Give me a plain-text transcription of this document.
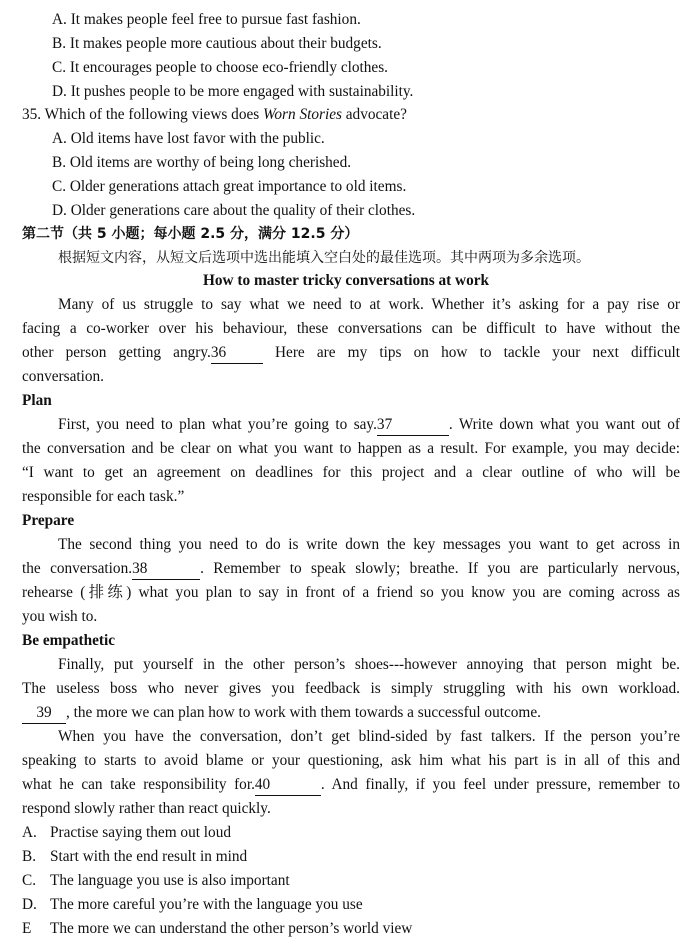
A. It makes people feel free to pursue fast fashion.
B. It makes people more cautious about their budgets.
C. It encourages people to choose eco-friendly clothes.
D. It pushes people to be more engaged with sustainability.
35. Which of the following views does Worn Stories advocate?
A. Old items have lost favor with the public.
B. Old items are worthy of being long cherished.
C. Older generations attach great importance to old items.
D. Older generations care about the quality of their clothes.
第二节（共 5 小题；每小题 2.5 分，满分 12.5 分）
根据短文内容，从短文后选项中选出能填入空白处的最佳选项。其中两项为多余选项。
How to master tricky conversations at work
Many of us struggle to say what we need to at work. Whether it’s asking for a pay rise or
facing a co-worker over his behaviour, these conversations can be difficult to have without the
other person getting angry.36	Here are my tips on how to tackle your next difficult
conversation.
Plan
First, you need to plan what you’re going to say.37	. Write down what you want out of
the conversation and be clear on what you want to happen as a result. For example, you may decide:
“I want to get an agreement on deadlines for this project and a clear outline of who will be
responsible for each task.”
Prepare
The second thing you need to do is write down the key messages you want to get across in
the conversation.38	. Remember to speak slowly; breathe. If you are particularly nervous,
rehearse (排练) what you plan to say in front of a friend so you know you are coming across as
you wish to.
Be empathetic
Finally, put yourself in the other person’s shoes---however annoying that person might be.
The useless boss who never gives you feedback is simply struggling with his own workload.
39 , the more we can plan how to work with them towards a successful outcome.
When you have the conversation, don’t get blind-sided by fast talkers. If the person you’re
speaking to starts to avoid blame or your questioning, ask him what his part is in all of this and
what he can take responsibility for.40	. And finally, if you feel under pressure, remember to
respond slowly rather than react quickly.
A. Practise saying them out loud
B. Start with the end result in mind
C. The language you use is also important
D. The more careful you’re with the language you use
E The more we can understand the other person’s world view
